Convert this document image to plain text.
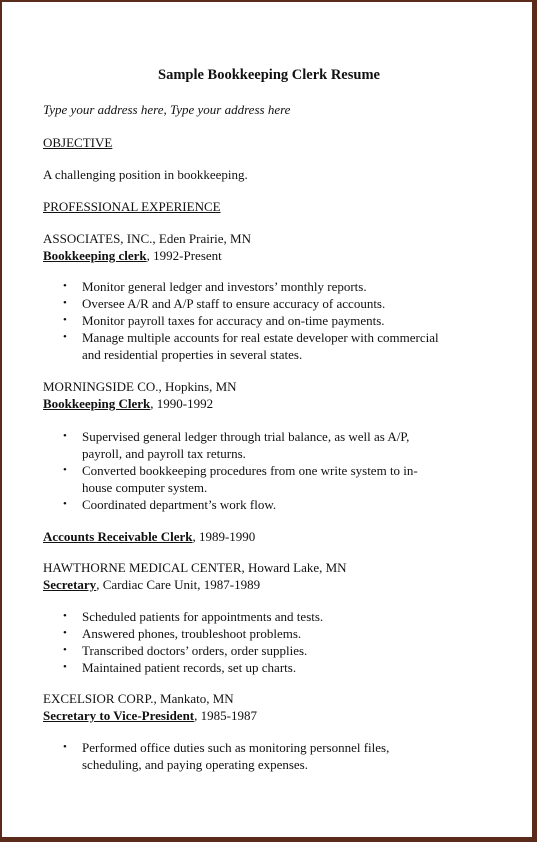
Sample Bookkeeping Clerk Resume
Type your address here, Type your address here
OBJECTIVE
A challenging position in bookkeeping.
PROFESSIONAL EXPERIENCE
ASSOCIATES, INC., Eden Prairie, MN
Bookkeeping clerk, 1992-Present
• Monitor general ledger and investors’ monthly reports.
• Oversee A/R and A/P staff to ensure accuracy of accounts.
• Monitor payroll taxes for accuracy and on-time payments.
• Manage multiple accounts for real estate developer with commercial
and residential properties in several states.
MORNINGSIDE CO., Hopkins, MN
Bookkeeping Clerk, 1990-1992
• Supervised general ledger through trial balance, as well as A/P,
payroll, and payroll tax returns.
• Converted bookkeeping procedures from one write system to in-
house computer system.
• Coordinated department’s work flow.
Accounts Receivable Clerk, 1989-1990
HAWTHORNE MEDICAL CENTER, Howard Lake, MN
Secretary, Cardiac Care Unit, 1987-1989
• Scheduled patients for appointments and tests.
• Answered phones, troubleshoot problems.
• Transcribed doctors’ orders, order supplies.
• Maintained patient records, set up charts.
EXCELSIOR CORP., Mankato, MN
Secretary to Vice-President, 1985-1987
• Performed office duties such as monitoring personnel files,
scheduling, and paying operating expenses.
